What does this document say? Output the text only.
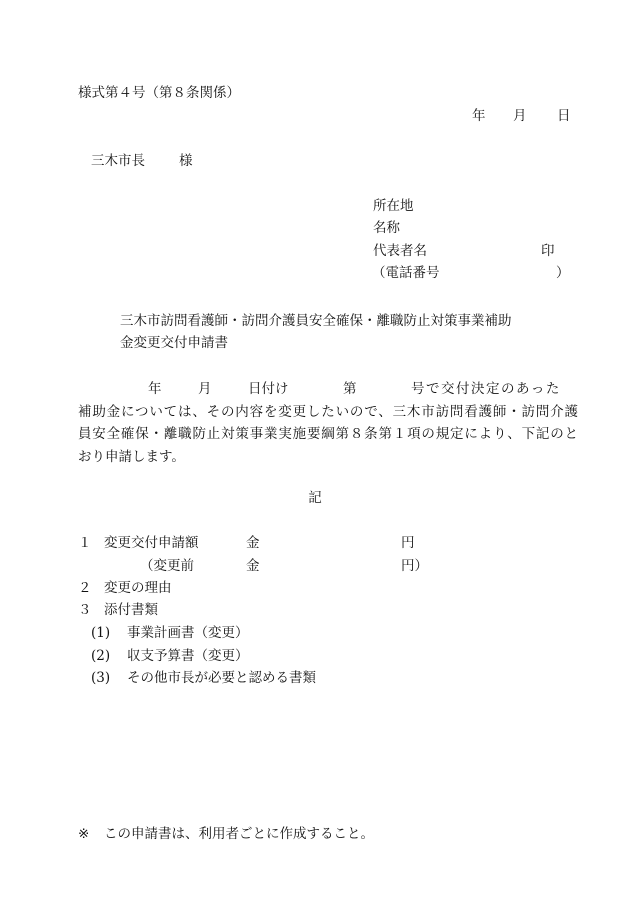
様式第４号（第８条関係）
年 月 日
三木市長	様
所在地
名称
代表者名	印
（電話番号	）
三木市訪問看護師・訪問介護員安全確保・離職防止対策事業補助
金変更交付申請書
年	月	日付け	第	号で交付決定のあった
補助金については、その内容を変更したいので、三木市訪問看護師・訪問介護
員安全確保・離職防止対策事業実施要綱第８条第１項の規定により、下記のと
おり申請します。
記
１ 変更交付申請額	金	円
（変更前	金	円）
２ 変更の理由
３ 添付書類
(1) 事業計画書（変更）
(2) 収支予算書（変更）
(3) その他市長が必要と認める書類
※ この申請書は、利用者ごとに作成すること。
